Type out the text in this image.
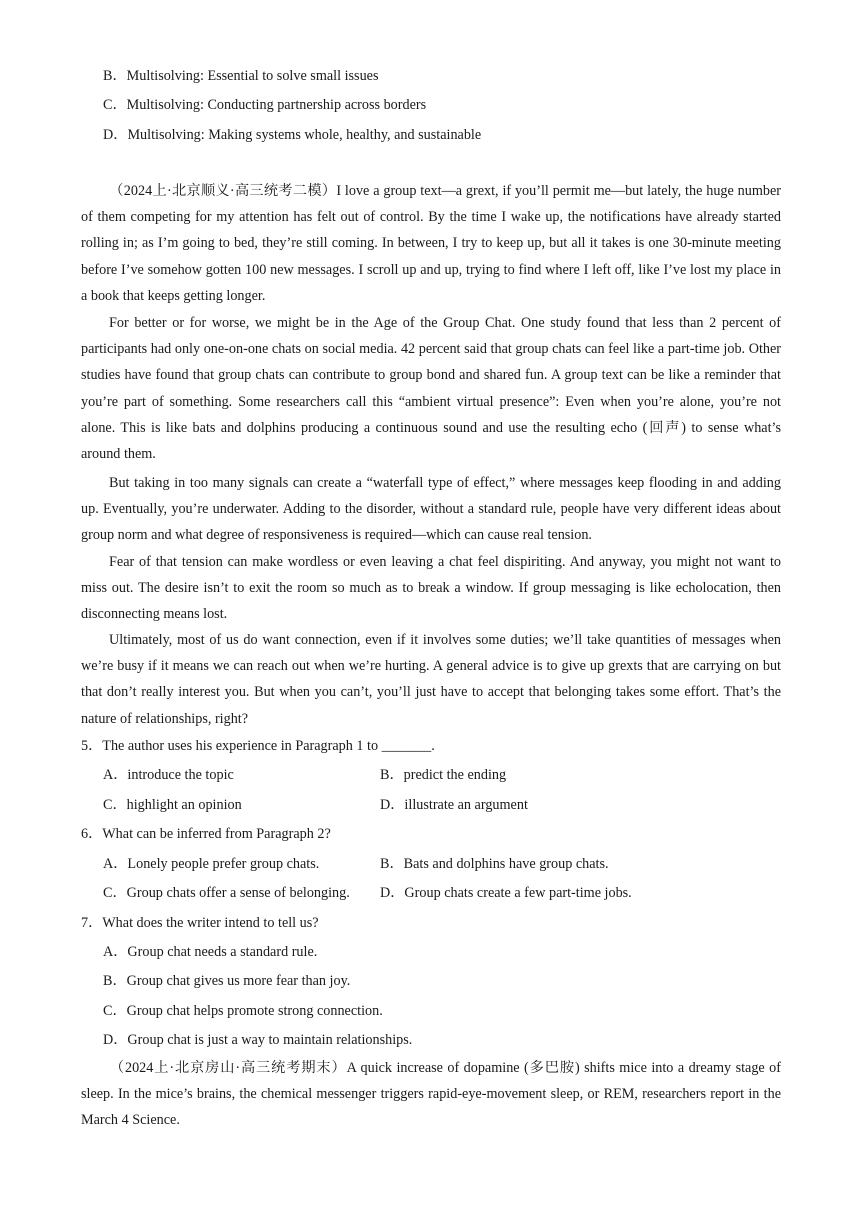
B．Multisolving: Essential to solve small issues
C．Multisolving: Conducting partnership across borders
D．Multisolving: Making systems whole, healthy, and sustainable

（2024上·北京顺义·高三统考二模）I love a group text—a grext, if you’ll permit me—but lately, the huge number of them competing for my attention has felt out of control. By the time I wake up, the notifications have already started rolling in; as I’m going to bed, they’re still coming. In between, I try to keep up, but all it takes is one 30-minute meeting before I’ve somehow gotten 100 new messages. I scroll up and up, trying to find where I left off, like I’ve lost my place in a book that keeps getting longer.

For better or for worse, we might be in the Age of the Group Chat. One study found that less than 2 percent of participants had only one-on-one chats on social media. 42 percent said that group chats can feel like a part-time job. Other studies have found that group chats can contribute to group bond and shared fun. A group text can be like a reminder that you’re part of something. Some researchers call this “ambient virtual presence”: Even when you’re alone, you’re not alone. This is like bats and dolphins producing a continuous sound and use the resulting echo (回声) to sense what’s around them.

But taking in too many signals can create a “waterfall type of effect,” where messages keep flooding in and adding up. Eventually, you’re underwater. Adding to the disorder, without a standard rule, people have very different ideas about group norm and what degree of responsiveness is required—which can cause real tension.

Fear of that tension can make wordless or even leaving a chat feel dispiriting. And anyway, you might not want to miss out. The desire isn’t to exit the room so much as to break a window. If group messaging is like echolocation, then disconnecting means lost.

Ultimately, most of us do want connection, even if it involves some duties; we’ll take quantities of messages when we’re busy if it means we can reach out when we’re hurting. A general advice is to give up grexts that are carrying on but that don’t really interest you. But when you can’t, you’ll just have to accept that belonging takes some effort. That’s the nature of relationships, right?

5．The author uses his experience in Paragraph 1 to _______.
A．introduce the topic	B．predict the ending
C．highlight an opinion	D．illustrate an argument
6．What can be inferred from Paragraph 2?
A．Lonely people prefer group chats.	B．Bats and dolphins have group chats.
C．Group chats offer a sense of belonging. D．Group chats create a few part-time jobs.
7．What does the writer intend to tell us?
A．Group chat needs a standard rule.
B．Group chat gives us more fear than joy.
C．Group chat helps promote strong connection.
D．Group chat is just a way to maintain relationships.

（2024上·北京房山·高三统考期末）A quick increase of dopamine (多巴胺) shifts mice into a dreamy stage of sleep. In the mice’s brains, the chemical messenger triggers rapid-eye-movement sleep, or REM, researchers report in the March 4 Science.
